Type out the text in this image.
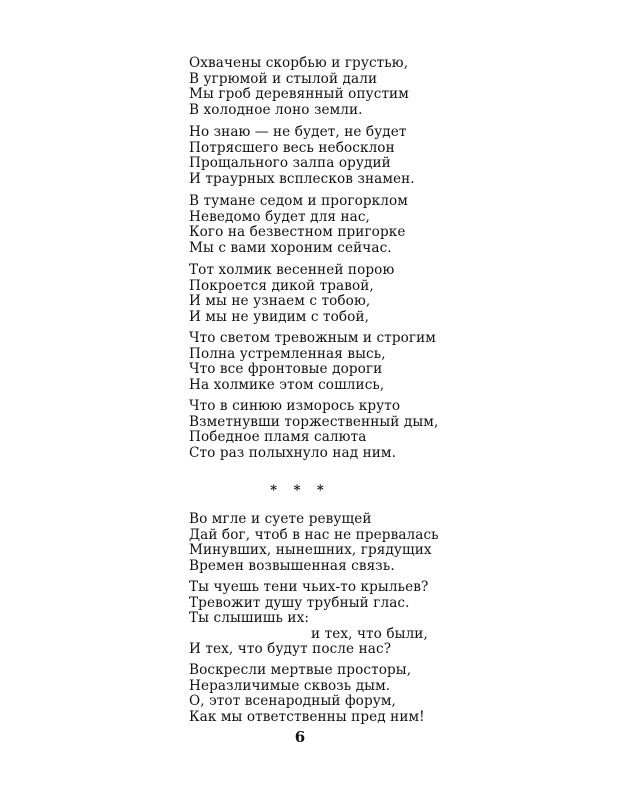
Охвачены скорбью и грустью,
В угрюмой и стылой дали
Мы гроб деревянный опустим
В холодное лоно земли.
Но знаю — не будет, не будет
Потрясшего весь небосклон
Прощального залпа орудий
И траурных всплесков знамен.
В тумане седом и прогорклом
Неведомо будет для нас,
Кого на безвестном пригорке
Мы с вами хороним сейчас.
Тот холмик весенней порою
Покроется дикой травой,
И мы не узнаем с тобою,
И мы не увидим с тобой,
Что светом тревожным и строгим
Полна устремленная высь,
Что все фронтовые дороги
На холмике этом сошлись,
Что в синюю изморось круто
Взметнувши торжественный дым,
Победное пламя салюта
Сто раз полыхнуло над ним.
* * *
Во мгле и суете ревущей
Дай бог, чтоб в нас не прервалась
Минувших, нынешних, грядущих
Времен возвышенная связь.
Ты чуешь тени чьих-то крыльев?
Тревожит душу трубный глас.
Ты слышишь их:
и тех, что были,
И тех, что будут после нас?
Воскресли мертвые просторы,
Неразличимые сквозь дым.
О, этот всенародный форум,
Как мы ответственны пред ним!
6
